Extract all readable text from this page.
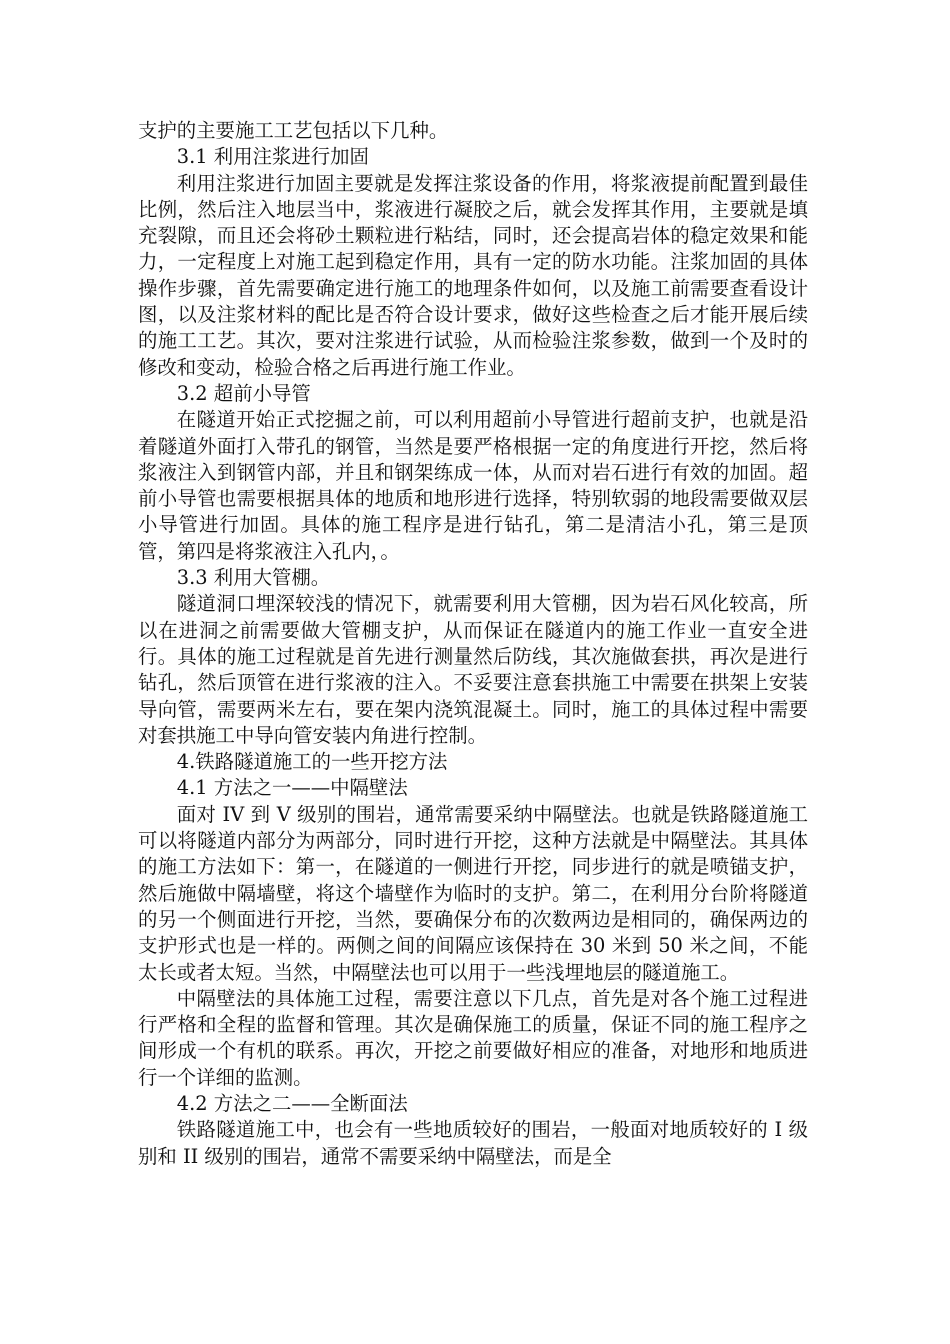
支护的主要施工工艺包括以下几种。

3.1 利用注浆进行加固

利用注浆进行加固主要就是发挥注浆设备的作用，将浆液提前配置到最佳比例，然后注入地层当中，浆液进行凝胶之后，就会发挥其作用，主要就是填充裂隙，而且还会将砂土颗粒进行粘结，同时，还会提高岩体的稳定效果和能力，一定程度上对施工起到稳定作用，具有一定的防水功能。注浆加固的具体操作步骤，首先需要确定进行施工的地理条件如何，以及施工前需要查看设计图，以及注浆材料的配比是否符合设计要求，做好这些检查之后才能开展后续的施工工艺。其次，要对注浆进行试验，从而检验注浆参数，做到一个及时的修改和变动，检验合格之后再进行施工作业。

3.2 超前小导管

在隧道开始正式挖掘之前，可以利用超前小导管进行超前支护，也就是沿着隧道外面打入带孔的钢管，当然是要严格根据一定的角度进行开挖，然后将浆液注入到钢管内部，并且和钢架练成一体，从而对岩石进行有效的加固。超前小导管也需要根据具体的地质和地形进行选择，特别软弱的地段需要做双层小导管进行加固。具体的施工程序是进行钻孔，第二是清洁小孔，第三是顶管，第四是将浆液注入孔内，。

3.3 利用大管棚。

隧道洞口埋深较浅的情况下，就需要利用大管棚，因为岩石风化较高，所以在进洞之前需要做大管棚支护，从而保证在隧道内的施工作业一直安全进行。具体的施工过程就是首先进行测量然后防线，其次施做套拱，再次是进行钻孔，然后顶管在进行浆液的注入。不妥要注意套拱施工中需要在拱架上安装导向管，需要两米左右，要在架内浇筑混凝土。同时，施工的具体过程中需要对套拱施工中导向管安装内角进行控制。

4.铁路隧道施工的一些开挖方法

4.1 方法之一——中隔壁法

面对 IV 到 V 级别的围岩，通常需要采纳中隔壁法。也就是铁路隧道施工可以将隧道内部分为两部分，同时进行开挖，这种方法就是中隔壁法。其具体的施工方法如下：第一，在隧道的一侧进行开挖，同步进行的就是喷锚支护，然后施做中隔墙壁，将这个墙壁作为临时的支护。第二，在利用分台阶将隧道的另一个侧面进行开挖，当然，要确保分布的次数两边是相同的，确保两边的支护形式也是一样的。两侧之间的间隔应该保持在 30 米到 50 米之间，不能太长或者太短。当然，中隔壁法也可以用于一些浅埋地层的隧道施工。

中隔壁法的具体施工过程，需要注意以下几点，首先是对各个施工过程进行严格和全程的监督和管理。其次是确保施工的质量，保证不同的施工程序之间形成一个有机的联系。再次，开挖之前要做好相应的准备，对地形和地质进行一个详细的监测。

4.2 方法之二——全断面法

铁路隧道施工中，也会有一些地质较好的围岩，一般面对地质较好的 I 级别和 II 级别的围岩，通常不需要采纳中隔壁法，而是全
